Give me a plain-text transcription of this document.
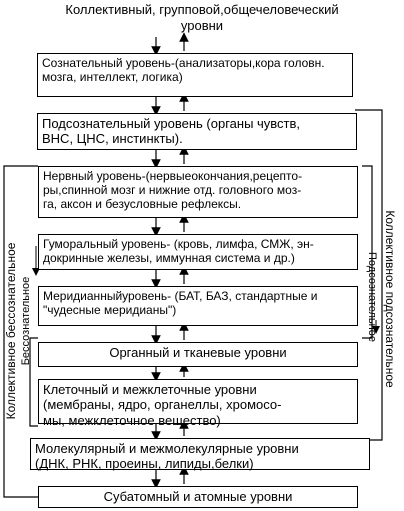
Коллективный, групповой,общечеловеческий
уровни
Сознательный уровень-(анализаторы,кора головн.
мозга, интеллект, логика)
Подсознательный уровень (органы чувств,
ВНС, ЦНС, инстинкты).
Нервный уровень-(нервыеокончания,рецепто-
ры,спинной мозг и нижние отд. головного мoз-
га, аксон и безусловные рефлексы.
Гуморальный уровень- (кровь, лимфа, СМЖ, эн-
докринные железы, иммунная система и др.)
Меридианныйуровень- (БАТ, БАЗ, стандартные и
"чудесные меридианы")
Органный и тканевые уровни
Клеточный и межклеточные уровни
(мембраны, ядро, органеллы, хромосо-
мы, межклеточное вещество)
Молекулярный и межмолекулярные уровни
(ДНК, РНК, проеины, липиды,белки)
Субатомный и атомные уровни
Коллективное бессознательное Бессознательное	Коллективное подсознательное
Подсознательное
